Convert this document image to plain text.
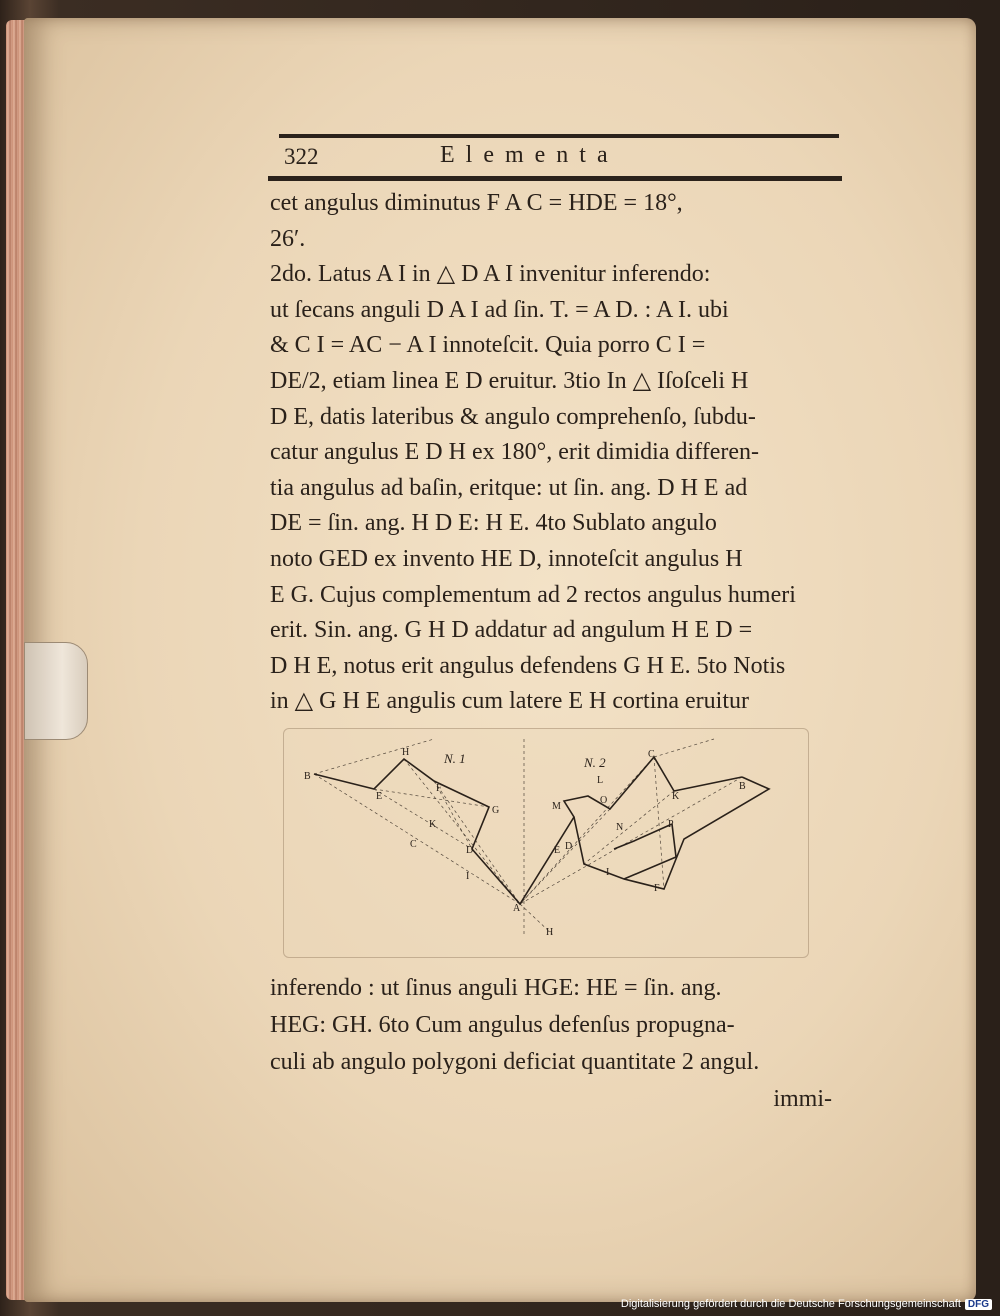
322	Elementa
cet angulus diminutus F A C = HDE = 18°,
26′.
2do. Latus A I in △ D A I invenitur inferendo:
ut ſecans anguli D A I ad ſin. T. = A D. : A I. ubi
& C I = AC − A I innoteſcit. Quia porro C I =
DE/2, etiam linea E D eruitur. 3tio In △ Iſoſceli H
D E, datis lateribus & angulo comprehenſo, ſubdu-
catur angulus E D H ex 180°, erit dimidia differen-
tia angulus ad baſin, eritque: ut ſin. ang. D H E ad
DE = ſin. ang. H D E: H E. 4to Sublato angulo
noto GED ex invento HE D, innoteſcit angulus H
E G. Cujus complementum ad 2 rectos angulus humeri
erit. Sin. ang. G H D addatur ad angulum H E D =
D H E, notus erit angulus defendens G H E. 5to Notis
in △ G H E angulis cum latere E H cortina eruitur
N. 1	N. 2
B
H
E
F
G
K
C
D
I
A
C
L
O
M
K
B
N	P
E D
I
F
H
inferendo : ut ſinus anguli HGE: HE = ſin. ang.
HEG: GH. 6to Cum angulus defenſus propugna-
culi ab angulo polygoni deficiat quantitate 2 angul.
immi-
Digitalisierung gefördert durch die Deutsche Forschungsgemeinschaft DFG
